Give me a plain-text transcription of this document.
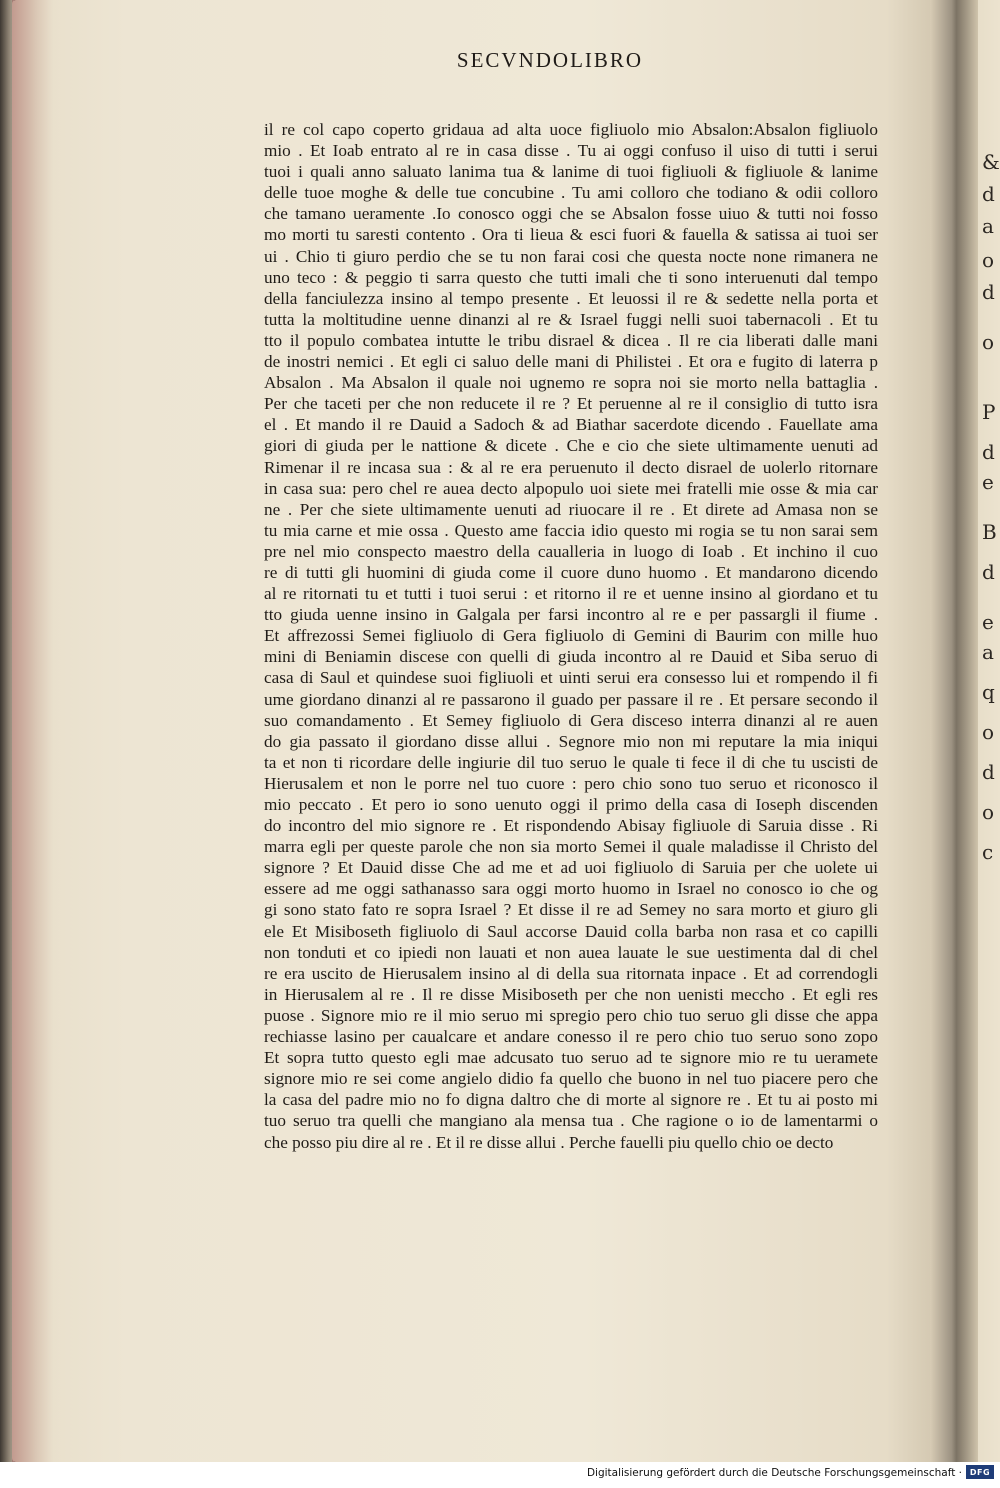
&
d
a
o
d
o
P
d
e
B
d
e
a
q
o
d
o
c
SECVNDOLIBRO
il re col capo coperto gridaua ad alta uoce figliuolo mio Absalon:Absalon figliuolo
mio . Et Ioab entrato al re in casa disse . Tu ai oggi confuso il uiso di tutti i serui
tuoi i quali anno saluato lanima tua & lanime di tuoi figliuoli & figliuole & lanime
delle tuoe moghe & delle tue concubine . Tu ami colloro che todiano & odii colloro
che tamano ueramente .Io conosco oggi che se Absalon fosse uiuo & tutti noi fosso
mo morti tu saresti contento . Ora ti lieua & esci fuori & fauella & satissa ai tuoi ser
ui . Chio ti giuro perdio che se tu non farai cosi che questa nocte none rimanera ne
uno teco : & peggio ti sarra questo che tutti imali che ti sono interuenuti dal tempo
della fanciulezza insino al tempo presente . Et leuossi il re & sedette nella porta et
tutta la moltitudine uenne dinanzi al re & Israel fuggi nelli suoi tabernacoli . Et tu
tto il populo combatea intutte le tribu disrael & dicea . Il re cia liberati dalle mani
de inostri nemici . Et egli ci saluo delle mani di Philistei . Et ora e fugito di laterra p
Absalon . Ma Absalon il quale noi ugnemo re sopra noi sie morto nella battaglia .
Per che taceti per che non reducete il re ? Et peruenne al re il consiglio di tutto isra
el . Et mando il re Dauid a Sadoch & ad Biathar sacerdote dicendo . Fauellate ama
giori di giuda per le nattione & dicete . Che e cio che siete ultimamente uenuti ad
Rimenar il re incasa sua : & al re era peruenuto il decto disrael de uolerlo ritornare
in casa sua: pero chel re auea decto alpopulo uoi siete mei fratelli mie osse & mia car
ne . Per che siete ultimamente uenuti ad riuocare il re . Et direte ad Amasa non se
tu mia carne et mie ossa . Questo ame faccia idio questo mi rogia se tu non sarai sem
pre nel mio conspecto maestro della caualleria in luogo di Ioab . Et inchino il cuo
re di tutti gli huomini di giuda come il cuore duno huomo . Et mandarono dicendo
al re ritornati tu et tutti i tuoi serui : et ritorno il re et uenne insino al giordano et tu
tto giuda uenne insino in Galgala per farsi incontro al re e per passargli il fiume .
Et affrezossi Semei figliuolo di Gera figliuolo di Gemini di Baurim con mille huo
mini di Beniamin discese con quelli di giuda incontro al re Dauid et Siba seruo di
casa di Saul et quindese suoi figliuoli et uinti serui era consesso lui et rompendo il fi
ume giordano dinanzi al re passarono il guado per passare il re . Et persare secondo il
suo comandamento . Et Semey figliuolo di Gera disceso interra dinanzi al re auen
do gia passato il giordano disse allui . Segnore mio non mi reputare la mia iniqui
ta et non ti ricordare delle ingiurie dil tuo seruo le quale ti fece il di che tu uscisti de
Hierusalem et non le porre nel tuo cuore : pero chio sono tuo seruo et riconosco il
mio peccato . Et pero io sono uenuto oggi il primo della casa di Ioseph discenden
do incontro del mio signore re . Et rispondendo Abisay figliuole di Saruia disse . Ri
marra egli per queste parole che non sia morto Semei il quale maladisse il Christo del
signore ? Et Dauid disse Che ad me et ad uoi figliuolo di Saruia per che uolete ui
essere ad me oggi sathanasso sara oggi morto huomo in Israel no conosco io che og
gi sono stato fato re sopra Israel ? Et disse il re ad Semey no sara morto et giuro gli
ele Et Misiboseth figliuolo di Saul accorse Dauid colla barba non rasa et co capilli
non tonduti et co ipiedi non lauati et non auea lauate le sue uestimenta dal di chel
re era uscito de Hierusalem insino al di della sua ritornata inpace . Et ad correndogli
in Hierusalem al re . Il re disse Misiboseth per che non uenisti meccho . Et egli res
puose . Signore mio re il mio seruo mi spregio pero chio tuo seruo gli disse che appa
rechiasse lasino per caualcare et andare conesso il re pero chio tuo seruo sono zopo
Et sopra tutto questo egli mae adcusato tuo seruo ad te signore mio re tu ueramete
signore mio re sei come angielo didio fa quello che buono in nel tuo piacere pero che
la casa del padre mio no fo digna daltro che di morte al signore re . Et tu ai posto mi
tuo seruo tra quelli che mangiano ala mensa tua . Che ragione o io de lamentarmi o
che posso piu dire al re . Et il re disse allui . Perche fauelli piu quello chio oe decto
Digitalisierung gefördert durch die Deutsche Forschungsgemeinschaft · DFG
